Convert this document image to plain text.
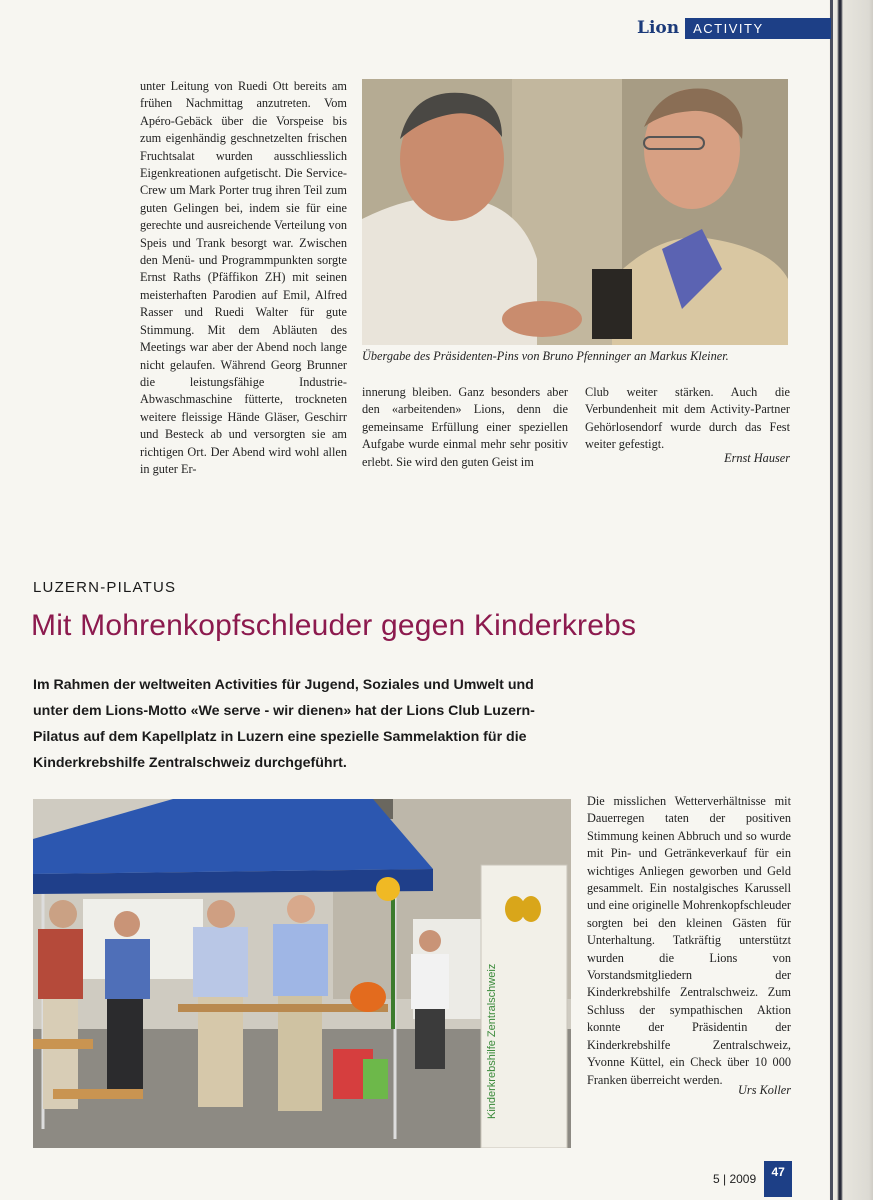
Lion	ACTIVITY
unter Leitung von Ruedi Ott bereits am frühen Nachmittag anzutreten. Vom Apéro-Gebäck über die Vorspeise bis zum eigenhändig geschnetzelten frischen Fruchtsalat wurden ausschliesslich Eigenkreationen aufgetischt. Die Service-Crew um Mark Porter trug ihren Teil zum guten Gelingen bei, indem sie für eine gerechte und ausreichende Verteilung von Speis und Trank besorgt war. Zwischen den Menü- und Programmpunkten sorgte Ernst Raths (Pfäffikon ZH) mit seinen meisterhaften Parodien auf Emil, Alfred Rasser und Ruedi Walter für gute Stimmung. Mit dem Abläuten des Meetings war aber der Abend noch lange nicht gelaufen. Während Georg Brunner die leistungsfähige Industrie-Abwaschmaschine fütterte, trockneten weitere fleissige Hände Gläser, Geschirr und Besteck ab und versorgten sie am richtigen Ort. Der Abend wird wohl allen in guter Er-
Übergabe des Präsidenten-Pins von Bruno Pfenninger an Markus Kleiner.
innerung bleiben. Ganz besonders aber den «arbeitenden» Lions, denn die gemeinsame Erfüllung einer speziellen Aufgabe wurde einmal mehr sehr positiv erlebt. Sie wird den guten Geist im
Club weiter stärken. Auch die Verbundenheit mit dem Activity-Partner Gehörlosendorf wurde durch das Fest weiter gefestigt.
Ernst Hauser
LUZERN-PILATUS
Mit Mohrenkopfschleuder gegen Kinderkrebs
Im Rahmen der weltweiten Activities für Jugend, Soziales und Umwelt und unter dem Lions-Motto «We serve - wir dienen» hat der Lions Club Luzern-Pilatus auf dem Kapellplatz in Luzern eine spezielle Sammelaktion für die Kinderkrebshilfe Zentralschweiz durchgeführt.
Kinderkrebshilfe Zentralschweiz
Die misslichen Wetterverhältnisse mit Dauerregen taten der positiven Stimmung keinen Abbruch und so wurde mit Pin- und Getränkeverkauf für ein wichtiges Anliegen geworben und Geld gesammelt. Ein nostalgisches Karussell und eine originelle Mohrenkopfschleuder sorgten bei den kleinen Gästen für Unterhaltung. Tatkräftig unterstützt wurden die Lions von Vorstandsmitgliedern der Kinderkrebshilfe Zentralschweiz. Zum Schluss der sympathischen Aktion konnte der Präsidentin der Kinderkrebshilfe Zentralschweiz, Yvonne Küttel, ein Check über 10 000 Franken überreicht werden.
Urs Koller
5 | 2009	47
